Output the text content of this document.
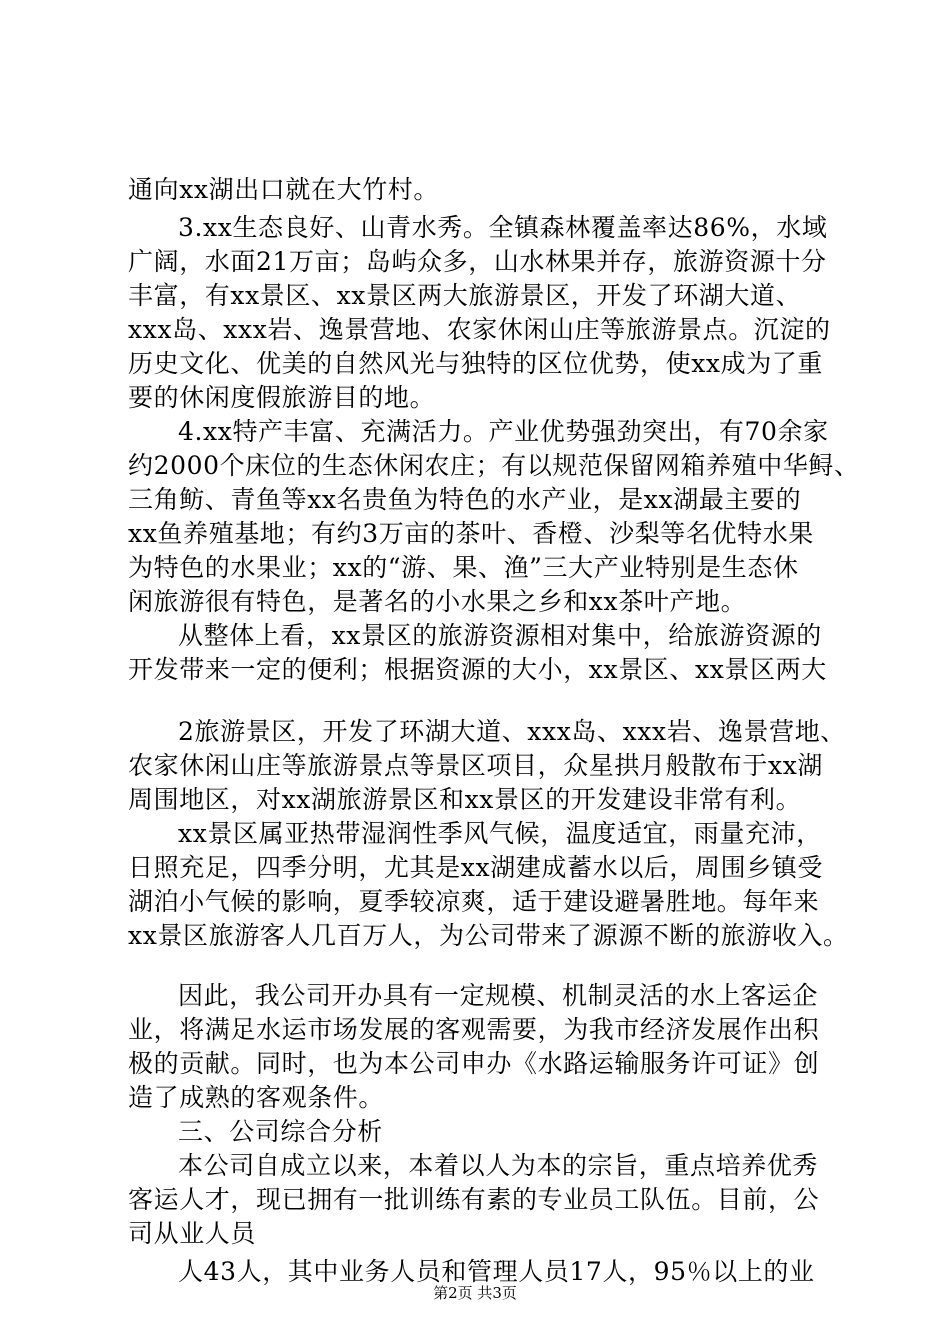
通向xx湖出口就在大竹村。
3.xx生态良好、山青水秀。全镇森林覆盖率达86%，水域
广阔，水面21万亩；岛屿众多，山水林果并存，旅游资源十分
丰富，有xx景区、xx景区两大旅游景区，开发了环湖大道、
xxx岛、xxx岩、逸景营地、农家休闲山庄等旅游景点。沉淀的
历史文化、优美的自然风光与独特的区位优势，使xx成为了重
要的休闲度假旅游目的地。
4.xx特产丰富、充满活力。产业优势强劲突出，有70余家
约2000个床位的生态休闲农庄；有以规范保留网箱养殖中华鲟、
三角鲂、青鱼等xx名贵鱼为特色的水产业，是xx湖最主要的
xx鱼养殖基地；有约3万亩的茶叶、香橙、沙梨等名优特水果
为特色的水果业；xx的“游、果、渔”三大产业特别是生态休
闲旅游很有特色，是著名的小水果之乡和xx茶叶产地。
从整体上看，xx景区的旅游资源相对集中，给旅游资源的
开发带来一定的便利；根据资源的大小，xx景区、xx景区两大
2旅游景区，开发了环湖大道、xxx岛、xxx岩、逸景营地、
农家休闲山庄等旅游景点等景区项目，众星拱月般散布于xx湖
周围地区，对xx湖旅游景区和xx景区的开发建设非常有利。
xx景区属亚热带湿润性季风气候，温度适宜，雨量充沛，
日照充足，四季分明，尤其是xx湖建成蓄水以后，周围乡镇受
湖泊小气候的影响，夏季较凉爽，适于建设避暑胜地。每年来
xx景区旅游客人几百万人，为公司带来了源源不断的旅游收入。
因此，我公司开办具有一定规模、机制灵活的水上客运企
业，将满足水运市场发展的客观需要，为我市经济发展作出积
极的贡献。同时，也为本公司申办《水路运输服务许可证》创
造了成熟的客观条件。
三、公司综合分析
本公司自成立以来，本着以人为本的宗旨，重点培养优秀
客运人才，现已拥有一批训练有素的专业员工队伍。目前，公
司从业人员
人43人，其中业务人员和管理人员17人，95％以上的业
第2页 共3页
